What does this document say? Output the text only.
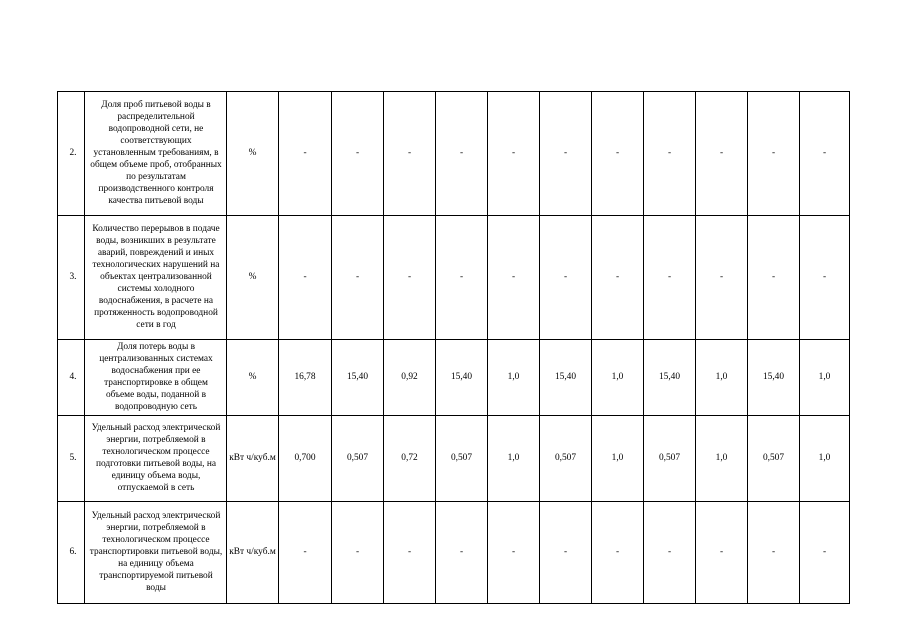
2.	Доля проб питьевой воды в распределительной водопроводной сети, не соответствующих установленным требованиям, в общем объеме проб, отобранных по результатам производственного контроля качества питьевой воды	%	-	-	-	-	-	-	-	-	-	-	-
3.	Количество перерывов в подаче воды, возникших в результате аварий, повреждений и иных технологических нарушений на объектах централизованной системы холодного водоснабжения, в расчете на протяженность водопроводной сети в год	%	-	-	-	-	-	-	-	-	-	-	-
4.	Доля потерь воды в централизованных системах водоснабжения при ее транспортировке в общем объеме воды, поданной в водопроводную сеть	%	16,78	15,40	0,92	15,40	1,0	15,40	1,0	15,40	1,0	15,40	1,0
5.	Удельный расход электрической энергии, потребляемой в технологическом процессе подготовки питьевой воды, на единицу объема воды, отпускаемой в сеть	кВт ч/куб.м	0,700	0,507	0,72	0,507	1,0	0,507	1,0	0,507	1,0	0,507	1,0
6.	Удельный расход электрической энергии, потребляемой в технологическом процессе транспортировки питьевой воды, на единицу объема транспортируемой питьевой воды	кВт ч/куб.м	-	-	-	-	-	-	-	-	-	-	-
